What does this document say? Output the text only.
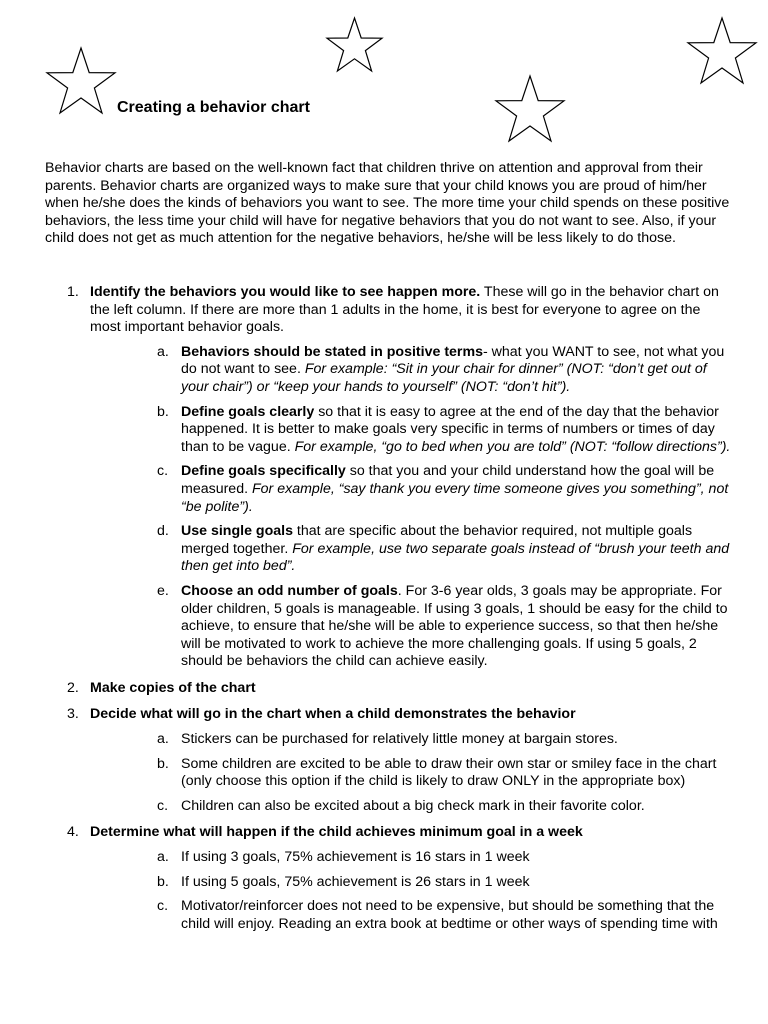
Creating a behavior chart

Behavior charts are based on the well-known fact that children thrive on attention and approval from their parents. Behavior charts are organized ways to make sure that your child knows you are proud of him/her when he/she does the kinds of behaviors you want to see. The more time your child spends on these positive behaviors, the less time your child will have for negative behaviors that you do not want to see. Also, if your child does not get as much attention for the negative behaviors, he/she will be less likely to do those.

1. Identify the behaviors you would like to see happen more. These will go in the behavior chart on the left column. If there are more than 1 adults in the home, it is best for everyone to agree on the most important behavior goals.
a. Behaviors should be stated in positive terms- what you WANT to see, not what you do not want to see. For example: “Sit in your chair for dinner” (NOT: “don’t get out of your chair”) or “keep your hands to yourself” (NOT: “don’t hit”).
b. Define goals clearly so that it is easy to agree at the end of the day that the behavior happened. It is better to make goals very specific in terms of numbers or times of day than to be vague. For example, “go to bed when you are told” (NOT: “follow directions”).
c. Define goals specifically so that you and your child understand how the goal will be measured. For example, “say thank you every time someone gives you something”, not “be polite”).
d. Use single goals that are specific about the behavior required, not multiple goals merged together. For example, use two separate goals instead of “brush your teeth and then get into bed”.
e. Choose an odd number of goals. For 3-6 year olds, 3 goals may be appropriate. For older children, 5 goals is manageable. If using 3 goals, 1 should be easy for the child to achieve, to ensure that he/she will be able to experience success, so that then he/she will be motivated to work to achieve the more challenging goals. If using 5 goals, 2 should be behaviors the child can achieve easily.
2. Make copies of the chart
3. Decide what will go in the chart when a child demonstrates the behavior
a. Stickers can be purchased for relatively little money at bargain stores.
b. Some children are excited to be able to draw their own star or smiley face in the chart (only choose this option if the child is likely to draw ONLY in the appropriate box)
c. Children can also be excited about a big check mark in their favorite color.
4. Determine what will happen if the child achieves minimum goal in a week
a. If using 3 goals, 75% achievement is 16 stars in 1 week
b. If using 5 goals, 75% achievement is 26 stars in 1 week
c. Motivator/reinforcer does not need to be expensive, but should be something that the child will enjoy. Reading an extra book at bedtime or other ways of spending time with
